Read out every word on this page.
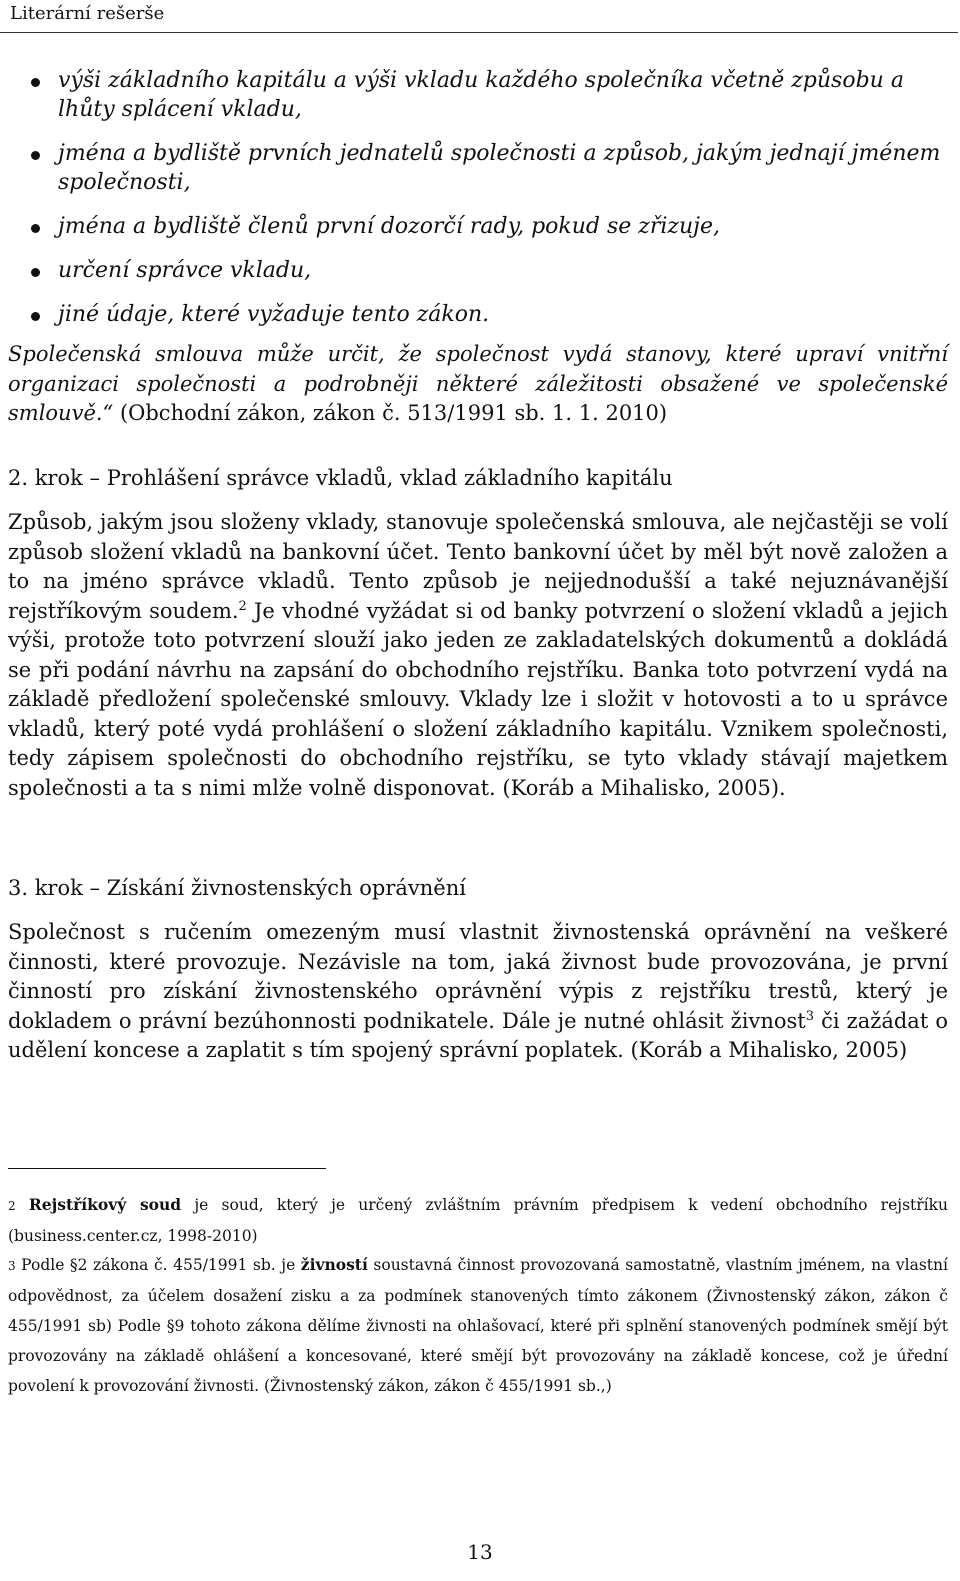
Literární rešerše
výši základního kapitálu a výši vkladu každého společníka včetně způsobu a lhůty splácení vkladu,
jména a bydliště prvních jednatelů společnosti a způsob, jakým jednají jménem společnosti,
jména a bydliště členů první dozorčí rady, pokud se zřizuje,
určení správce vkladu,
jiné údaje, které vyžaduje tento zákon.

Společenská smlouva může určit, že společnost vydá stanovy, které upraví vnitřní organizaci společnosti a podrobněji některé záležitosti obsažené ve společenské smlouvě.“ (Obchodní zákon, zákon č. 513/1991 sb. 1. 1. 2010)

2. krok – Prohlášení správce vkladů, vklad základního kapitálu

Způsob, jakým jsou složeny vklady, stanovuje společenská smlouva, ale nejčastěji se volí způsob složení vkladů na bankovní účet. Tento bankovní účet by měl být nově založen a to na jméno správce vkladů. Tento způsob je nejjednodušší a také nejuznávanější rejstříkovým soudem.$^2$ Je vhodné vyžádat si od banky potvrzení o složení vkladů a jejich výši, protože toto potvrzení slouží jako jeden ze zakladatelských dokumentů a dokládá se při podání návrhu na zapsání do obchodního rejstříku. Banka toto potvrzení vydá na základě předložení společenské smlouvy. Vklady lze i složit v hotovosti a to u správce vkladů, který poté vydá prohlášení o složení základního kapitálu. Vznikem společnosti, tedy zápisem společnosti do obchodního rejstříku, se tyto vklady stávají majetkem společnosti a ta s nimi mlže volně disponovat. (Koráb a Mihalisko, 2005).

3. krok – Získání živnostenských oprávnění

Společnost s ručením omezeným musí vlastnit živnostenská oprávnění na veškeré činnosti, které provozuje. Nezávisle na tom, jaká živnost bude provozována, je první činností pro získání živnostenského oprávnění výpis z rejstříku trestů, který je dokladem o právní bezúhonnosti podnikatele. Dále je nutné ohlásit živnost$^3$ či zažádat o udělení koncese a zaplatit s tím spojený správní poplatek. (Koráb a Mihalisko, 2005)

2 Rejstříkový soud je soud, který je určený zvláštním právním předpisem k vedení obchodního rejstříku (business.center.cz, 1998-2010)

3 Podle §2 zákona č. 455/1991 sb. je živností soustavná činnost provozovaná samostatně, vlastním jménem, na vlastní odpovědnost, za účelem dosažení zisku a za podmínek stanovených tímto zákonem (Živnostenský zákon, zákon č 455/1991 sb) Podle §9 tohoto zákona dělíme živnosti na ohlašovací, které při splnění stanovených podmínek smějí být provozovány na základě ohlášení a koncesované, které smějí být provozovány na základě koncese, což je úřední povolení k provozování živnosti. (Živnostenský zákon, zákon č 455/1991 sb.,)

13
